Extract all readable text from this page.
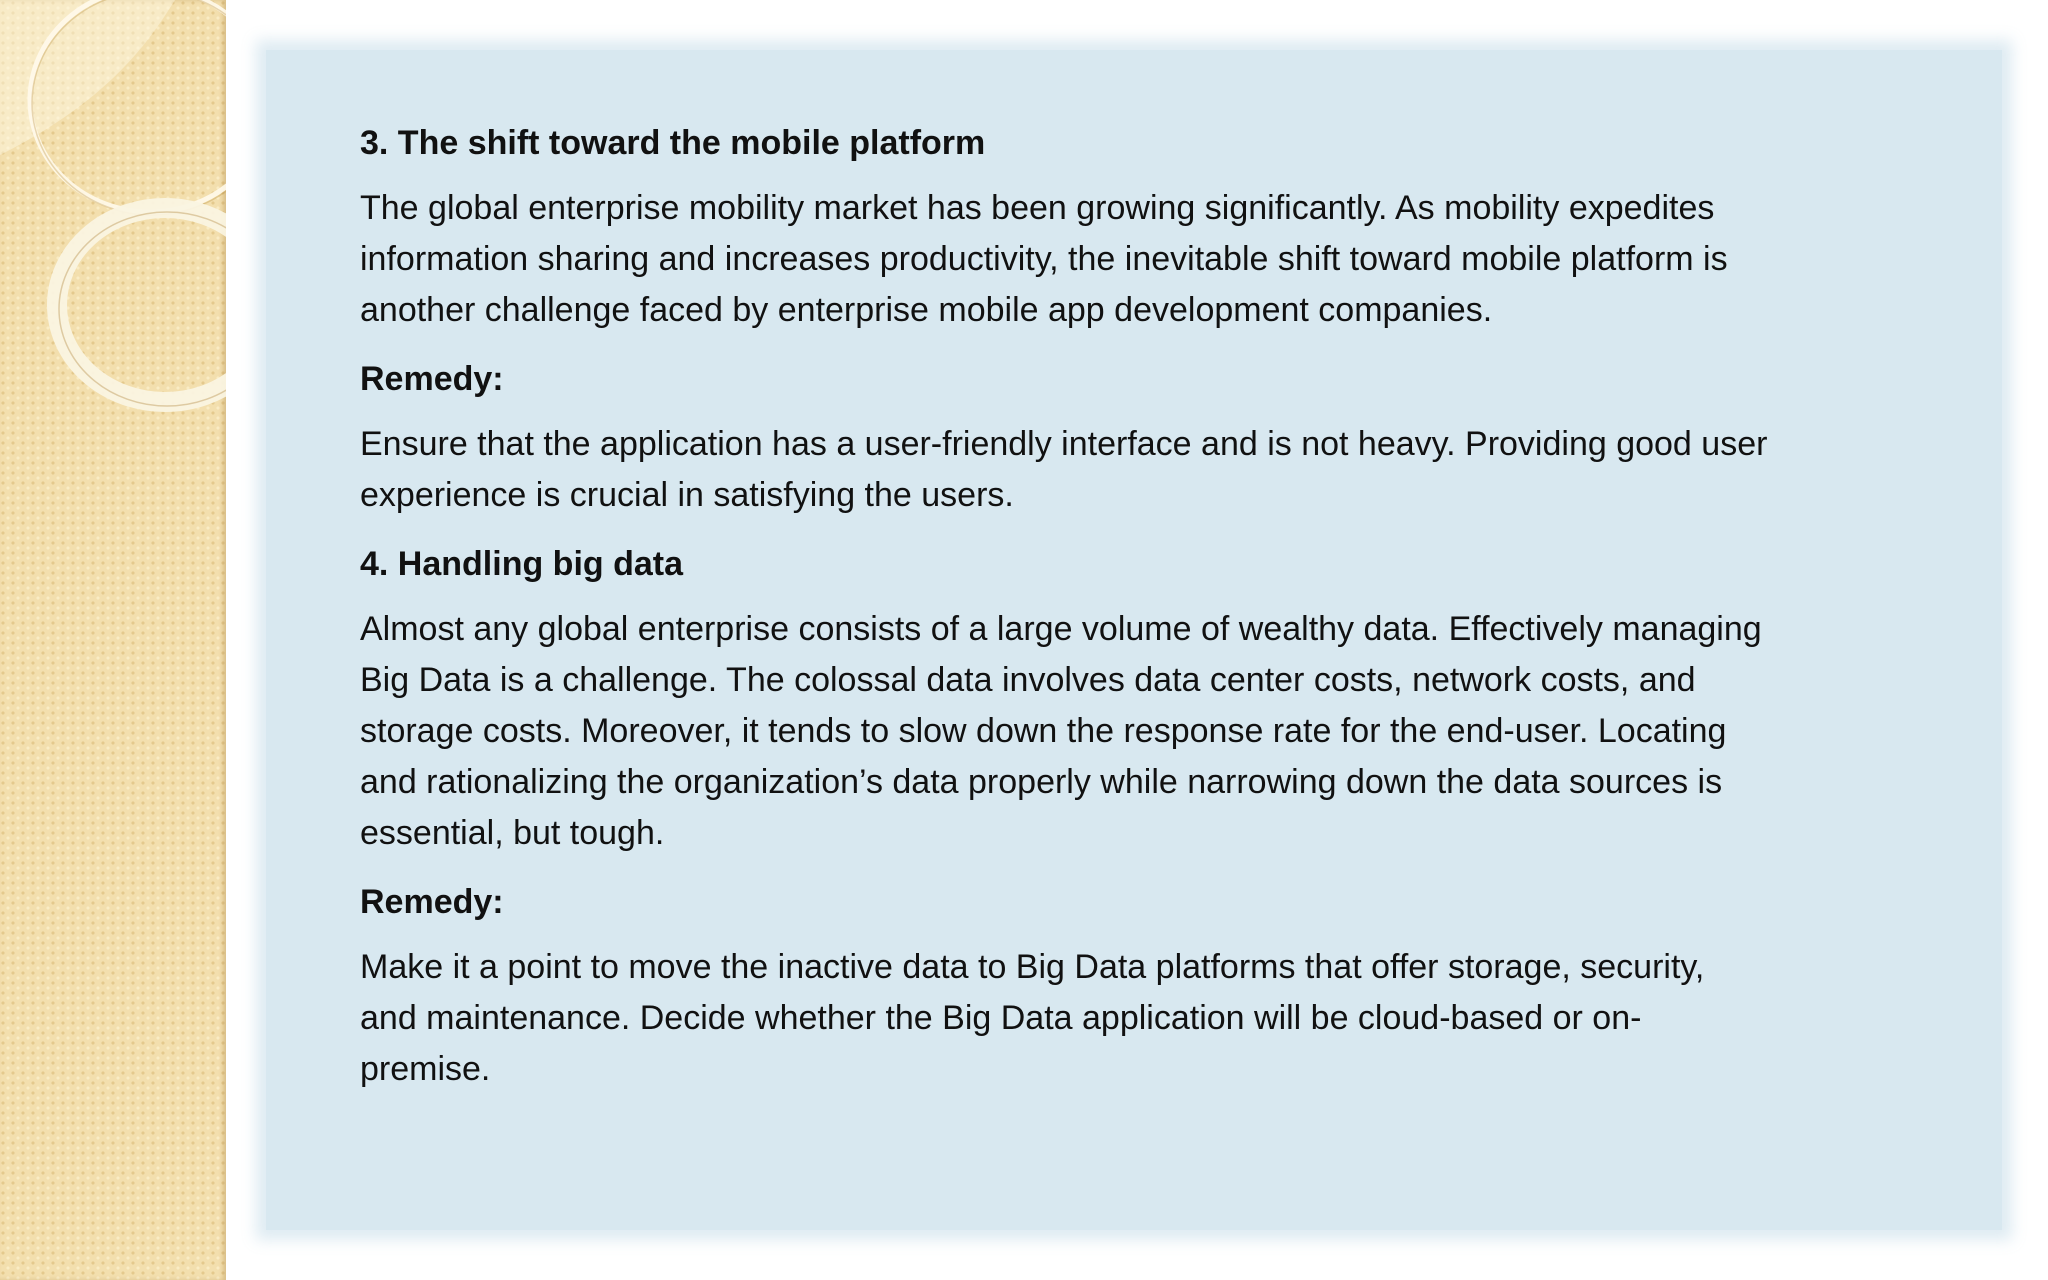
3. The shift toward the mobile platform
The global enterprise mobility market has been growing significantly. As mobility expedites
information sharing and increases productivity, the inevitable shift toward mobile platform is
another challenge faced by enterprise mobile app development companies.
Remedy:
Ensure that the application has a user-friendly interface and is not heavy. Providing good user
experience is crucial in satisfying the users.
4. Handling big data
Almost any global enterprise consists of a large volume of wealthy data. Effectively managing
Big Data is a challenge. The colossal data involves data center costs, network costs, and
storage costs. Moreover, it tends to slow down the response rate for the end-user. Locating
and rationalizing the organization’s data properly while narrowing down the data sources is
essential, but tough.
Remedy:
Make it a point to move the inactive data to Big Data platforms that offer storage, security,
and maintenance. Decide whether the Big Data application will be cloud-based or on-
premise.
